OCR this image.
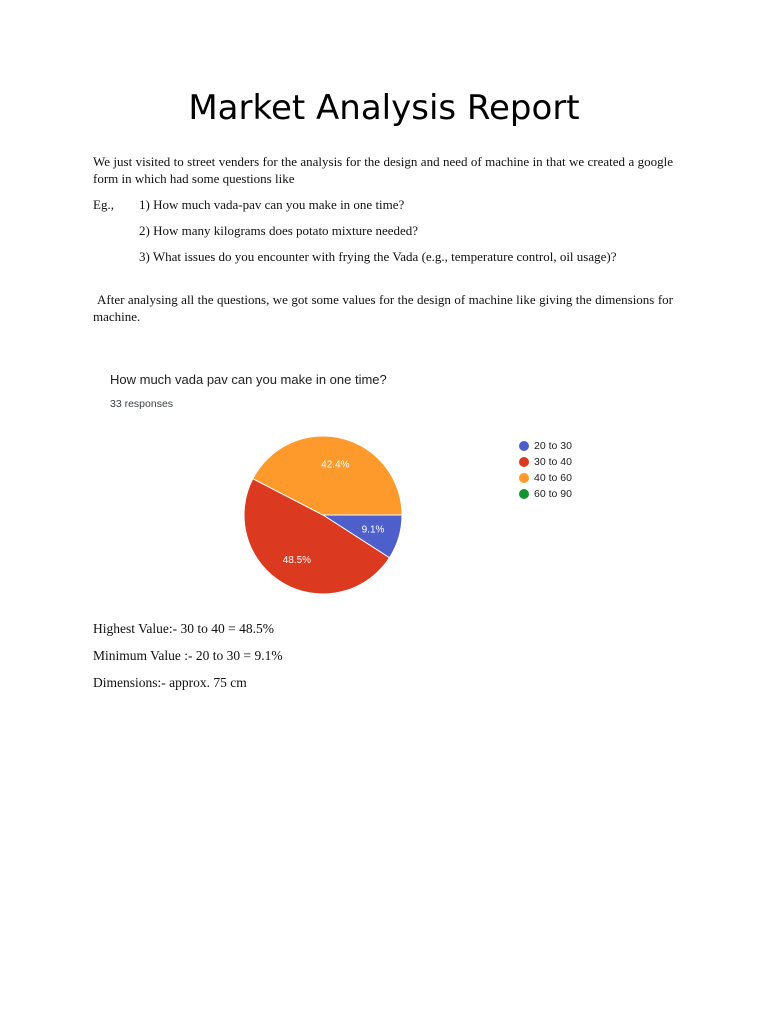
Market Analysis Report

We just visited to street venders for the analysis for the design and need of machine in that we created a google form in which had some questions like

Eg., 1) How much vada-pav can you make in one time?
2) How many kilograms does potato mixture needed?

3) What issues do you encounter with frying the Vada (e.g., temperature control, oil usage)?

After analysing all the questions, we got some values for the design of machine like giving the dimensions for machine.

How much vada pav can you make in one time?
33 responses
9.1%
48.5%
42.4%
20 to 30
30 to 40
40 to 60
60 to 90
Highest Value:- 30 to 40 = 48.5%
Minimum Value :- 20 to 30 = 9.1%
Dimensions:- approx. 75 cm
